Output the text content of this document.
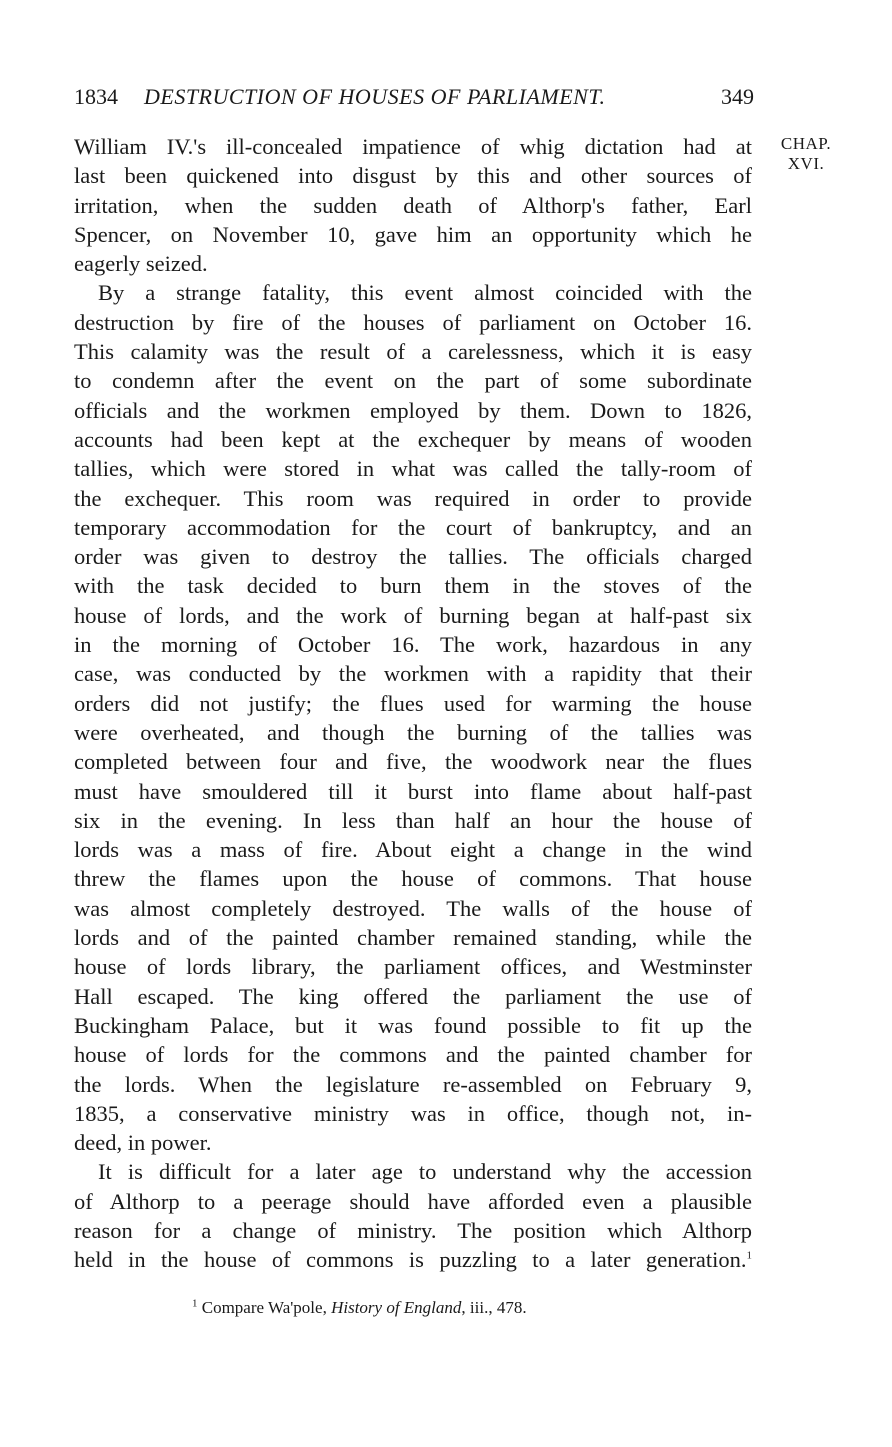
1834 DESTRUCTION OF HOUSES OF PARLIAMENT.	349
CHAP.
XVI.
William IV.'s ill-concealed impatience of whig dictation had at
last been quickened into disgust by this and other sources of
irritation, when the sudden death of Althorp's father, Earl
Spencer, on November 10, gave him an opportunity which he
eagerly seized.
By a strange fatality, this event almost coincided with the
destruction by fire of the houses of parliament on October 16.
This calamity was the result of a carelessness, which it is easy
to condemn after the event on the part of some subordinate
officials and the workmen employed by them. Down to 1826,
accounts had been kept at the exchequer by means of wooden
tallies, which were stored in what was called the tally-room of
the exchequer. This room was required in order to provide
temporary accommodation for the court of bankruptcy, and an
order was given to destroy the tallies. The officials charged
with the task decided to burn them in the stoves of the
house of lords, and the work of burning began at half-past six
in the morning of October 16. The work, hazardous in any
case, was conducted by the workmen with a rapidity that their
orders did not justify; the flues used for warming the house
were overheated, and though the burning of the tallies was
completed between four and five, the woodwork near the flues
must have smouldered till it burst into flame about half-past
six in the evening. In less than half an hour the house of
lords was a mass of fire. About eight a change in the wind
threw the flames upon the house of commons. That house
was almost completely destroyed. The walls of the house of
lords and of the painted chamber remained standing, while the
house of lords library, the parliament offices, and Westminster
Hall escaped. The king offered the parliament the use of
Buckingham Palace, but it was found possible to fit up the
house of lords for the commons and the painted chamber for
the lords. When the legislature re-assembled on February 9,
1835, a conservative ministry was in office, though not, in-
deed, in power.
It is difficult for a later age to understand why the accession
of Althorp to a peerage should have afforded even a plausible
reason for a change of ministry. The position which Althorp
held in the house of commons is puzzling to a later generation.$^1$
$^1$ Compare Wa'pole, History of England, iii., 478.
